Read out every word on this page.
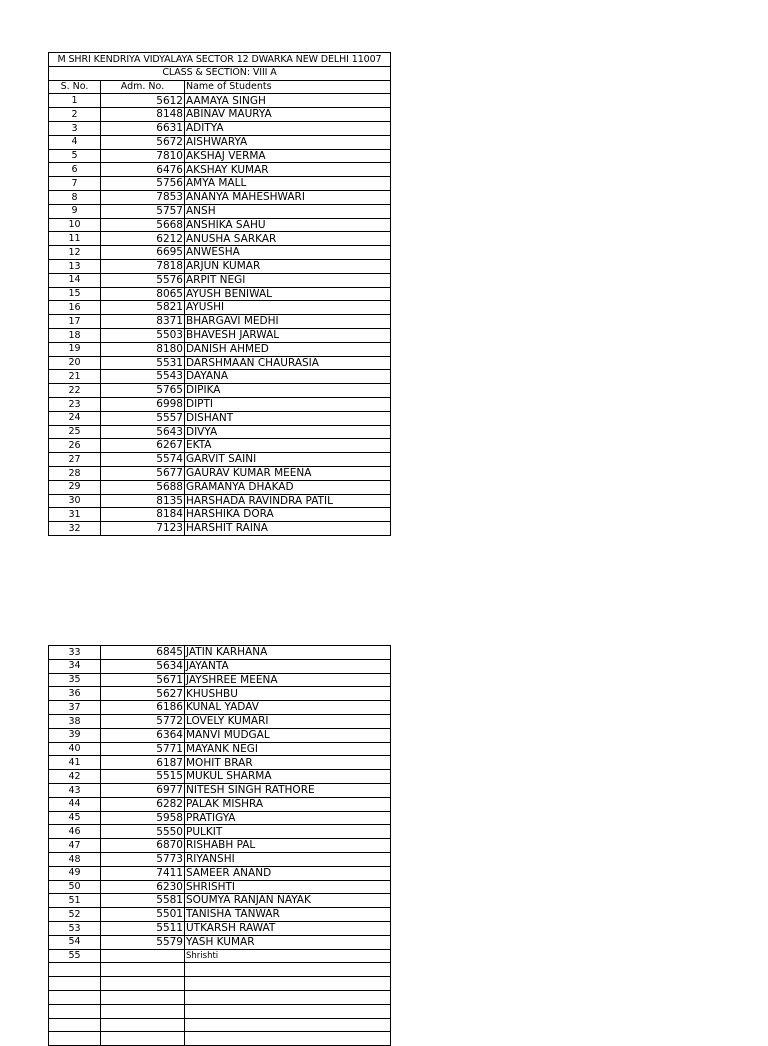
M SHRI KENDRIYA VIDYALAYA SECTOR 12 DWARKA NEW DELHI 11007		
CLASS & SECTION: VIII A		
S. No.	Adm. No.	Name of Students
1	5612	AAMAYA SINGH
2	8148	ABINAV MAURYA
3	6631	ADITYA
4	5672	AISHWARYA
5	7810	AKSHAJ VERMA
6	6476	AKSHAY KUMAR
7	5756	AMYA MALL
8	7853	ANANYA MAHESHWARI
9	5757	ANSH
10	5668	ANSHIKA SAHU
11	6212	ANUSHA SARKAR
12	6695	ANWESHA
13	7818	ARJUN KUMAR
14	5576	ARPIT NEGI
15	8065	AYUSH BENIWAL
16	5821	AYUSHI
17	8371	BHARGAVI MEDHI
18	5503	BHAVESH JARWAL
19	8180	DANISH AHMED
20	5531	DARSHMAAN CHAURASIA
21	5543	DAYANA
22	5765	DIPIKA
23	6998	DIPTI
24	5557	DISHANT
25	5643	DIVYA
26	6267	EKTA
27	5574	GARVIT SAINI
28	5677	GAURAV KUMAR MEENA
29	5688	GRAMANYA DHAKAD
30	8135	HARSHADA RAVINDRA PATIL
31	8184	HARSHIKA DORA
32	7123	HARSHIT RAINA
33	6845	JATIN KARHANA
34	5634	JAYANTA
35	5671	JAYSHREE MEENA
36	5627	KHUSHBU
37	6186	KUNAL YADAV
38	5772	LOVELY KUMARI
39	6364	MANVI MUDGAL
40	5771	MAYANK NEGI
41	6187	MOHIT BRAR
42	5515	MUKUL SHARMA
43	6977	NITESH SINGH RATHORE
44	6282	PALAK MISHRA
45	5958	PRATIGYA
46	5550	PULKIT
47	6870	RISHABH PAL
48	5773	RIYANSHI
49	7411	SAMEER ANAND
50	6230	SHRISHTI
51	5581	SOUMYA RANJAN NAYAK
52	5501	TANISHA TANWAR
53	5511	UTKARSH RAWAT
54	5579	YASH KUMAR
55		Shrishti
